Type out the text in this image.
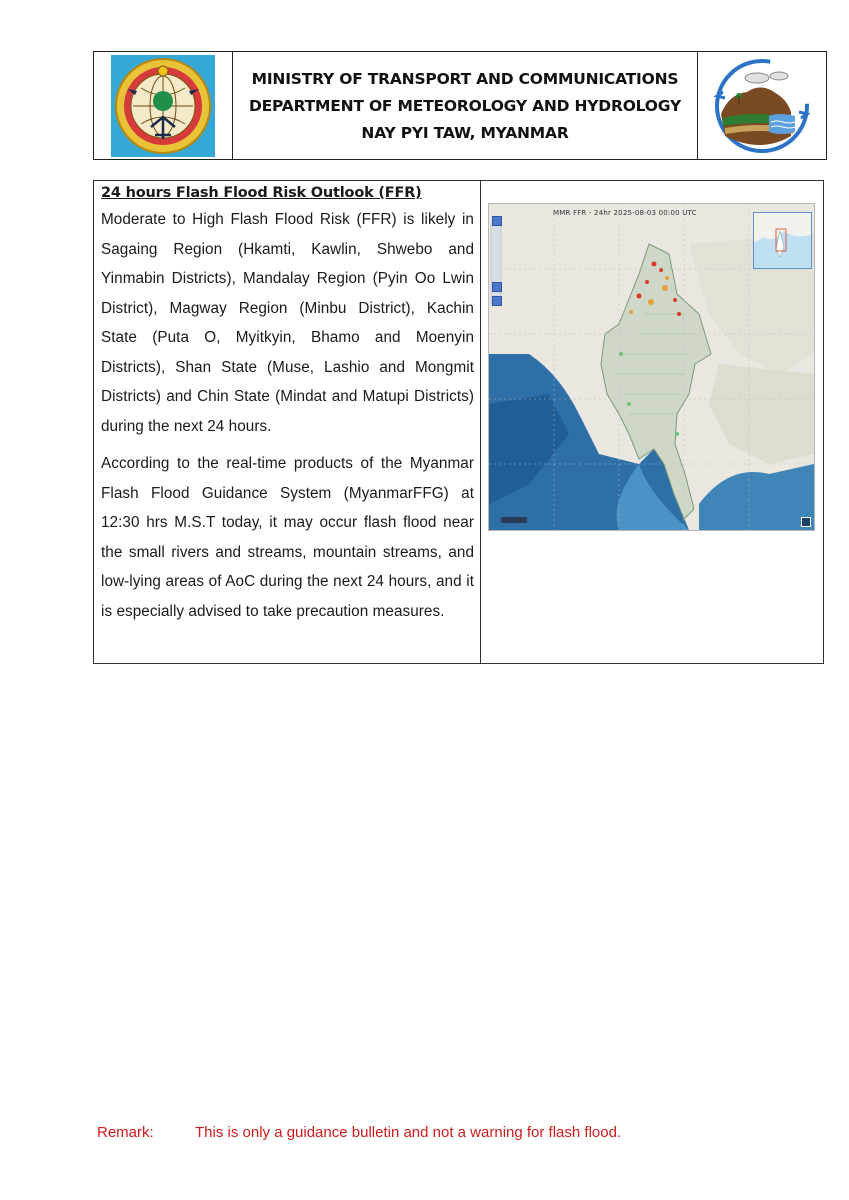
MINISTRY OF TRANSPORT AND COMMUNICATIONS
DEPARTMENT OF METEOROLOGY AND HYDROLOGY
NAY PYI TAW, MYANMAR
24 hours Flash Flood Risk Outlook (FFR)

Moderate to High Flash Flood Risk (FFR) is likely in Sagaing Region (Hkamti, Kawlin, Shwebo and Yinmabin Districts), Mandalay Region (Pyin Oo Lwin District), Magway Region (Minbu District), Kachin State (Puta O, Myitkyin, Bhamo and Moenyin Districts), Shan State (Muse, Lashio and Mongmit Districts) and Chin State (Mindat and Matupi Districts) during the next 24 hours.

According to the real-time products of the Myanmar Flash Flood Guidance System (MyanmarFFG) at 12:30 hrs M.S.T today, it may occur flash flood near the small rivers and streams, mountain streams, and low-lying areas of AoC during the next 24 hours, and it is especially advised to take precaution measures.

MMR FFR - 24hr 2025-08-03 00:00 UTC
Remark:	This is only a guidance bulletin and not a warning for flash flood.
